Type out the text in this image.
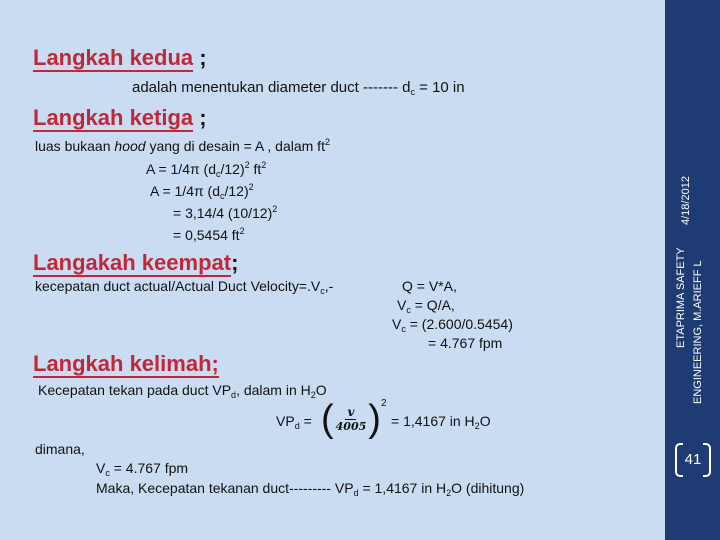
Langkah kedua ;
adalah menentukan diameter duct ------- $d_c = 10$ in
Langkah ketiga ;
luas bukaan hood yang di desain = A , dalam $ft^2$
A = 1/4π $(d_c/12)^2$ $ft^2$
A = 1/4π $(d_c/12)^2$
= 3,14/4 $(10/12)^2$
= 0,5454 $ft^2$
Langakah keempat;
kecepatan duct actual/Actual Duct $Velocity=.V_c,-$	Q = V*A,
$V_c = Q/A$,
$V_c = (2.600/0.5454)$
= 4.767 fpm
Langkah kelimah;
Kecepatan tekan pada duct $VP_d$, dalam in $H_2O$
$VP_d$ = ( $\frac{v}{4005}$ ) 2
= 1,4167 in $H_2O$
dimana,
$V_c = 4.767$ fpm
Maka, Kecepatan tekanan duct--------- $VP_d = 1,4167$ in $H_2O$ (dihitung)
4/18/2012
ETAPRIMA SAFETY ENGINEERING, M.ARIEFF L
41
